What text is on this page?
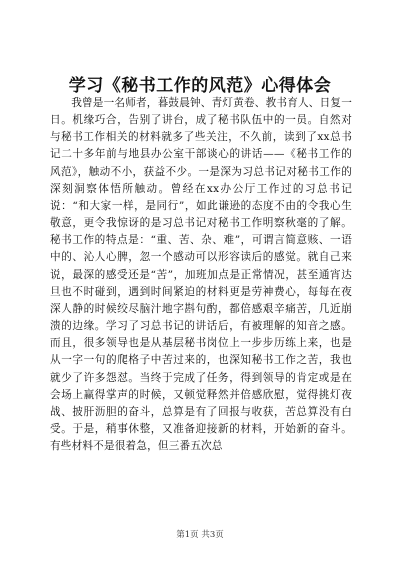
学习《秘书工作的风范》心得体会

我曾是一名师者，暮鼓晨钟、青灯黄卷、教书育人、日复一日。机缘巧合，告别了讲台，成了秘书队伍中的一员。自然对与秘书工作相关的材料就多了些关注，不久前，读到了xx总书记二十多年前与地县办公室干部谈心的讲话——《秘书工作的风范》，触动不小，获益不少。一是深为习总书记对秘书工作的深刻洞察体悟所触动。曾经在xx办公厅工作过的习总书记说：“和大家一样，是同行”，如此谦逊的态度不由的令我心生敬意，更令我惊讶的是习总书记对秘书工作明察秋毫的了解。秘书工作的特点是：“重、苦、杂、难”，可谓言简意赅、一语中的、沁人心脾，忽一个感动可以形容读后的感觉。就自己来说，最深的感受还是“苦”，加班加点是正常情况，甚至通宵达旦也不时碰到，遇到时间紧迫的材料更是劳神费心，每每在夜深人静的时候绞尽脑汁地字斟句酌，都倍感艰辛痛苦，几近崩溃的边缘。学习了习总书记的讲话后，有被理解的知音之感。而且，很多领导也是从基层秘书岗位上一步步历练上来，也是从一字一句的爬格子中苦过来的，也深知秘书工作之苦，我也就少了许多怨怼。当终于完成了任务，得到领导的肯定或是在会场上赢得掌声的时候，又顿觉释然并倍感欣慰，觉得挑灯夜战、披肝沥胆的奋斗，总算是有了回报与收获，苦总算没有白受。于是，稍事休整，又准备迎接新的材料，开始新的奋斗。有些材料不是很着急，但三番五次总

第1页 共3页
